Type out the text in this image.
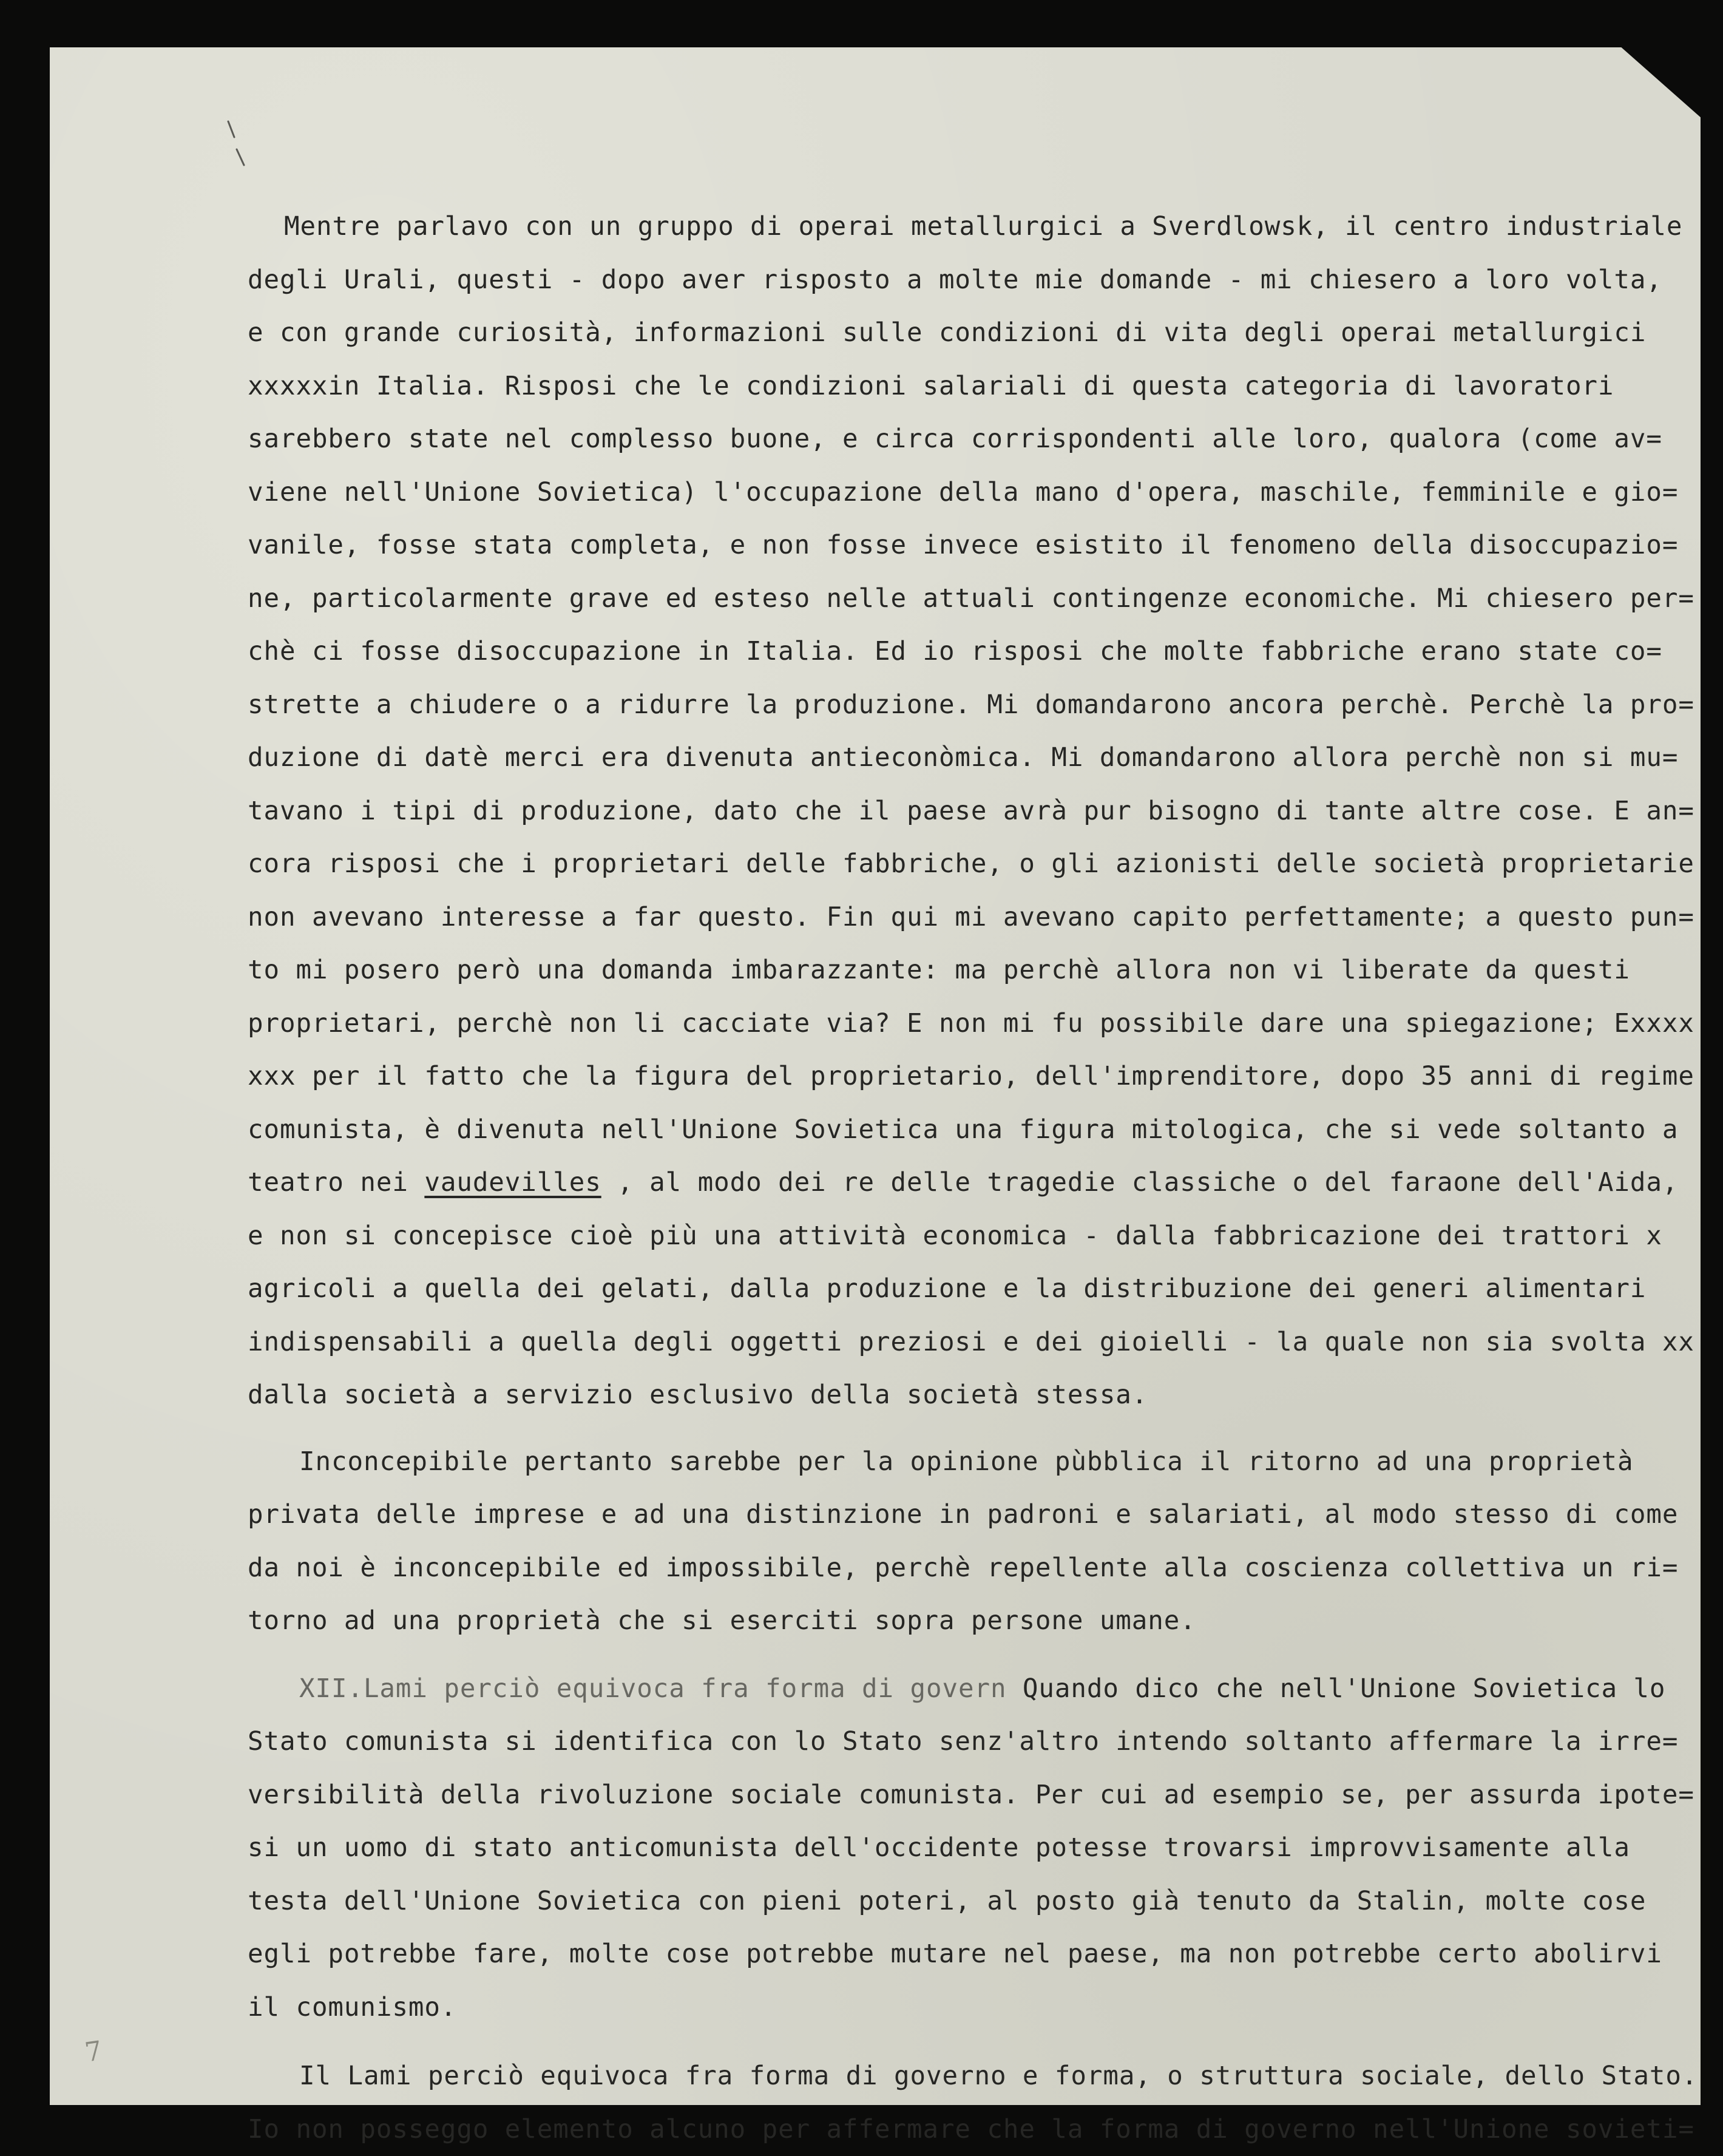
7
Mentre parlavo con un gruppo di operai metallurgici a Sverdlowsk, il centro industriale
degli Urali, questi - dopo aver risposto a molte mie domande - mi chiesero a loro volta,
e con grande curiosità, informazioni sulle condizioni di vita degli operai metallurgici
xxxxxin Italia. Risposi che le condizioni salariali di questa categoria di lavoratori
sarebbero state nel complesso buone, e circa corrispondenti alle loro, qualora (come av=
viene nell'Unione Sovietica) l'occupazione della mano d'opera, maschile, femminile e gio=
vanile, fosse stata completa, e non fosse invece esistito il fenomeno della disoccupazio=
ne, particolarmente grave ed esteso nelle attuali contingenze economiche. Mi chiesero per=
chè ci fosse disoccupazione in Italia. Ed io risposi che molte fabbriche erano state co=
strette a chiudere o a ridurre la produzione. Mi domandarono ancora perchè. Perchè la pro=
duzione di datè merci era divenuta antieconòmica. Mi domandarono allora perchè non si mu=
tavano i tipi di produzione, dato che il paese avrà pur bisogno di tante altre cose. E an=
cora risposi che i proprietari delle fabbriche, o gli azionisti delle società proprietarie
non avevano interesse a far questo. Fin qui mi avevano capito perfettamente; a questo pun=
to mi posero però una domanda imbarazzante: ma perchè allora non vi liberate da questi
proprietari, perchè non li cacciate via? E non mi fu possibile dare una spiegazione; Exxxx
xxx per il fatto che la figura del proprietario, dell'imprenditore, dopo 35 anni di regime
comunista, è divenuta nell'Unione Sovietica una figura mitologica, che si vede soltanto a
teatro nei vaudevilles , al modo dei re delle tragedie classiche o del faraone dell'Aida,
e non si concepisce cioè più una attività economica - dalla fabbricazione dei trattori x
agricoli a quella dei gelati, dalla produzione e la distribuzione dei generi alimentari
indispensabili a quella degli oggetti preziosi e dei gioielli - la quale non sia svolta xx
dalla società a servizio esclusivo della società stessa.
Inconcepibile pertanto sarebbe per la opinione pùbblica il ritorno ad una proprietà
privata delle imprese e ad una distinzione in padroni e salariati, al modo stesso di come
da noi è inconcepibile ed impossibile, perchè repellente alla coscienza collettiva un ri=
torno ad una proprietà che si eserciti sopra persone umane.
XII.Lami perciò equivoca fra forma di govern Quando dico che nell'Unione Sovietica lo
Stato comunista si identifica con lo Stato senz'altro intendo soltanto affermare la irre=
versibilità della rivoluzione sociale comunista. Per cui ad esempio se, per assurda ipote=
si un uomo di stato anticomunista dell'occidente potesse trovarsi improvvisamente alla
testa dell'Unione Sovietica con pieni poteri, al posto già tenuto da Stalin, molte cose
egli potrebbe fare, molte cose potrebbe mutare nel paese, ma non potrebbe certo abolirvi
il comunismo.
Il Lami perciò equivoca fra forma di governo e forma, o struttura sociale, dello Stato.
Io non posseggo elemento alcuno per affermare che la forma di governo nell'Unione sovieti=
